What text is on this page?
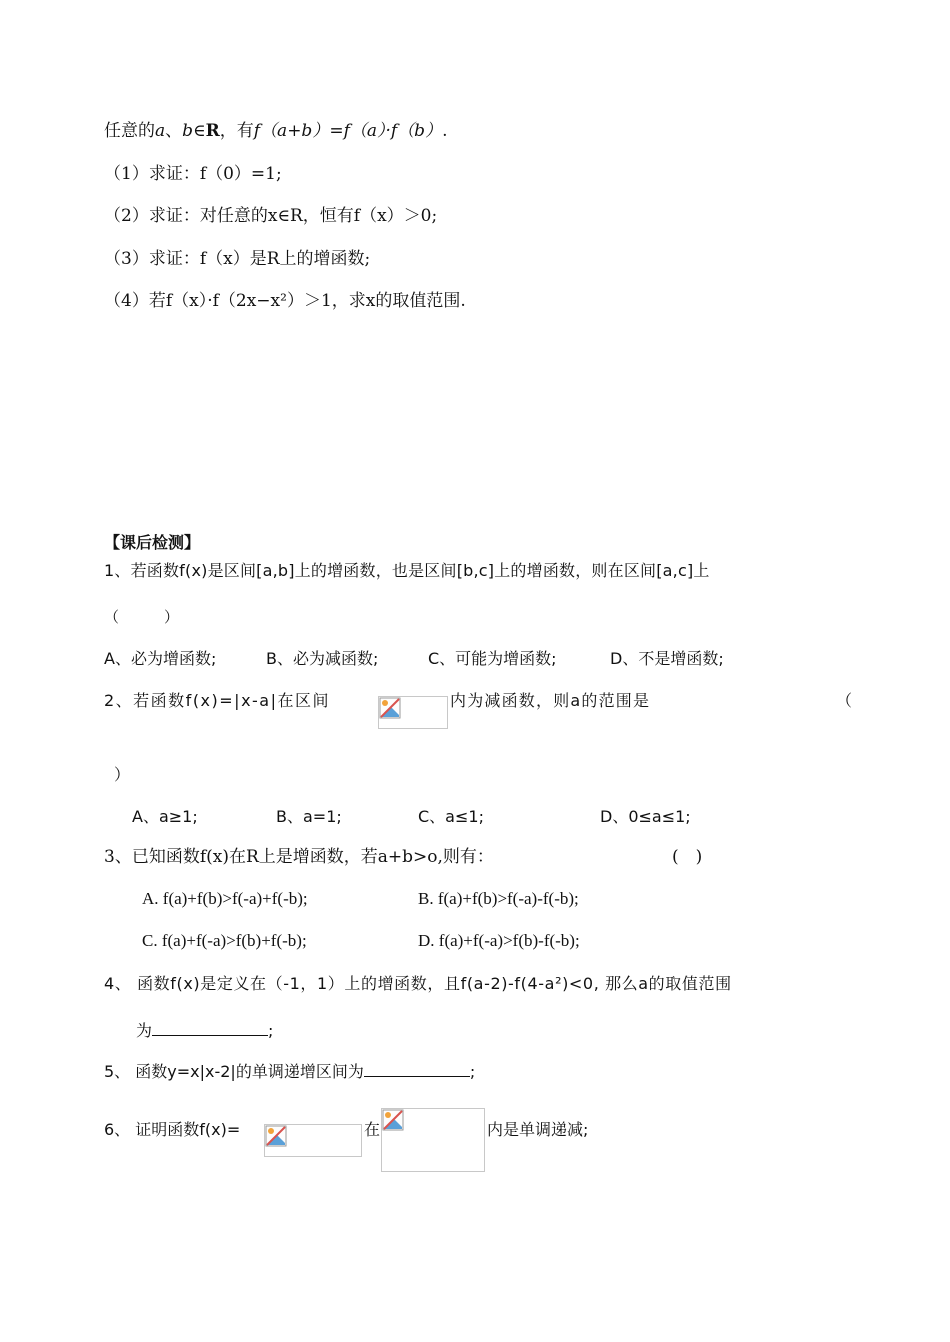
任意的a、b∈R，有f（a+b）=f（a）·f（b）.
（1）求证：f（0）=1;
（2）求证：对任意的x∈R，恒有f（x）＞0;
（3）求证：f（x）是R上的增函数;
（4）若f（x）·f（2x−x²）＞1，求x的取值范围.
【课后检测】
1、若函数f(x)是区间[a,b]上的增函数，也是区间[b,c]上的增函数，则在区间[a,c]上
（　　　）
A、必为增函数;	B、必为减函数;	C、可能为增函数;	D、不是增函数;
2、若函数f(x)=|x-a|在区间	内为减函数，则a的范围是	（
）
A、a≥1;	B、a=1;	C、a≤1;	D、0≤a≤1;
3、已知函数f(x)在R上是增函数，若a+b>o,则有：	(　)
A. f(a)+f(b)>f(-a)+f(-b);	B. f(a)+f(b)>f(-a)-f(-b);
C. f(a)+f(-a)>f(b)+f(-b);	D. f(a)+f(-a)>f(b)-f(-b);
4、 函数f(x)是定义在（-1，1）上的增函数，且f(a-2)-f(4-a²)<0, 那么a的取值范围
为	;
5、 函数y=x|x-2|的单调递增区间为	;
6、 证明函数f(x)=	在	内是单调递减;
